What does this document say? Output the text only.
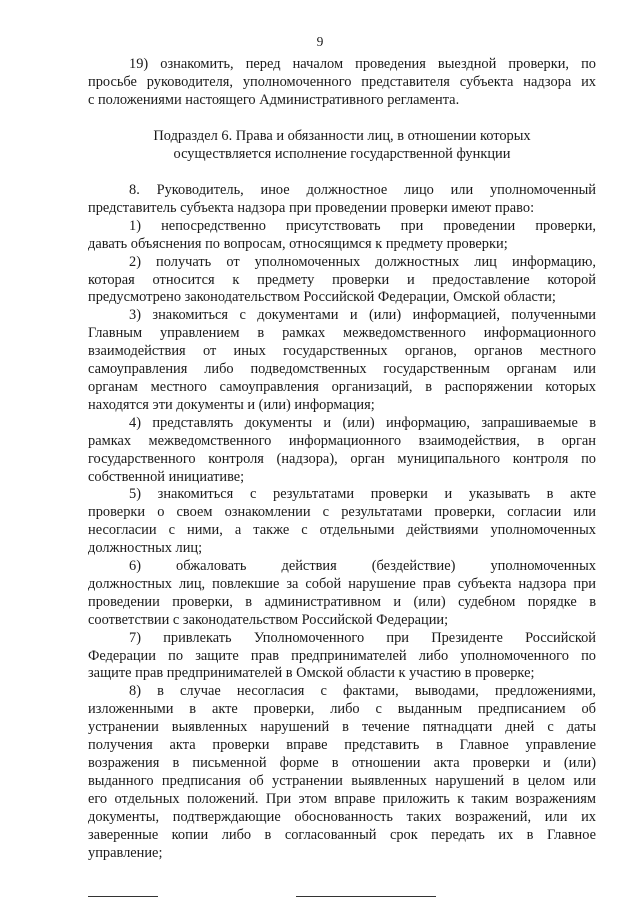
9

19) ознакомить, перед началом проведения выездной проверки, по

просьбе руководителя, уполномоченного представителя субъекта надзора их

с положениями настоящего Административного регламента.

Подраздел 6. Права и обязанности лиц, в отношении которых
осуществляется исполнение государственной функции

8. Руководитель, иное должностное лицо или уполномоченный

представитель субъекта надзора при проведении проверки имеют право:

1) непосредственно присутствовать при проведении проверки,

давать объяснения по вопросам, относящимся к предмету проверки;

2) получать от уполномоченных должностных лиц информацию,

которая относится к предмету проверки и предоставление которой

предусмотрено законодательством Российской Федерации, Омской области;

3) знакомиться с документами и (или) информацией, полученными

Главным управлением в рамках межведомственного информационного

взаимодействия от иных государственных органов, органов местного

самоуправления либо подведомственных государственным органам или

органам местного самоуправления организаций, в распоряжении которых

находятся эти документы и (или) информация;

4) представлять документы и (или) информацию, запрашиваемые в

рамках межведомственного информационного взаимодействия, в орган

государственного контроля (надзора), орган муниципального контроля по

собственной инициативе;

5) знакомиться с результатами проверки и указывать в акте

проверки о своем ознакомлении с результатами проверки, согласии или

несогласии с ними, а также с отдельными действиями уполномоченных

должностных лиц;

6) обжаловать действия (бездействие) уполномоченных

должностных лиц, повлекшие за собой нарушение прав субъекта надзора при

проведении проверки, в административном и (или) судебном порядке в

соответствии с законодательством Российской Федерации;

7) привлекать Уполномоченного при Президенте Российской

Федерации по защите прав предпринимателей либо уполномоченного по

защите прав предпринимателей в Омской области к участию в проверке;

8) в случае несогласия с фактами, выводами, предложениями,

изложенными в акте проверки, либо с выданным предписанием об

устранении выявленных нарушений в течение пятнадцати дней с даты

получения акта проверки вправе представить в Главное управление

возражения в письменной форме в отношении акта проверки и (или)

выданного предписания об устранении выявленных нарушений в целом или

его отдельных положений. При этом вправе приложить к таким возражениям

документы, подтверждающие обоснованность таких возражений, или их

заверенные копии либо в согласованный срок передать их в Главное

управление;
